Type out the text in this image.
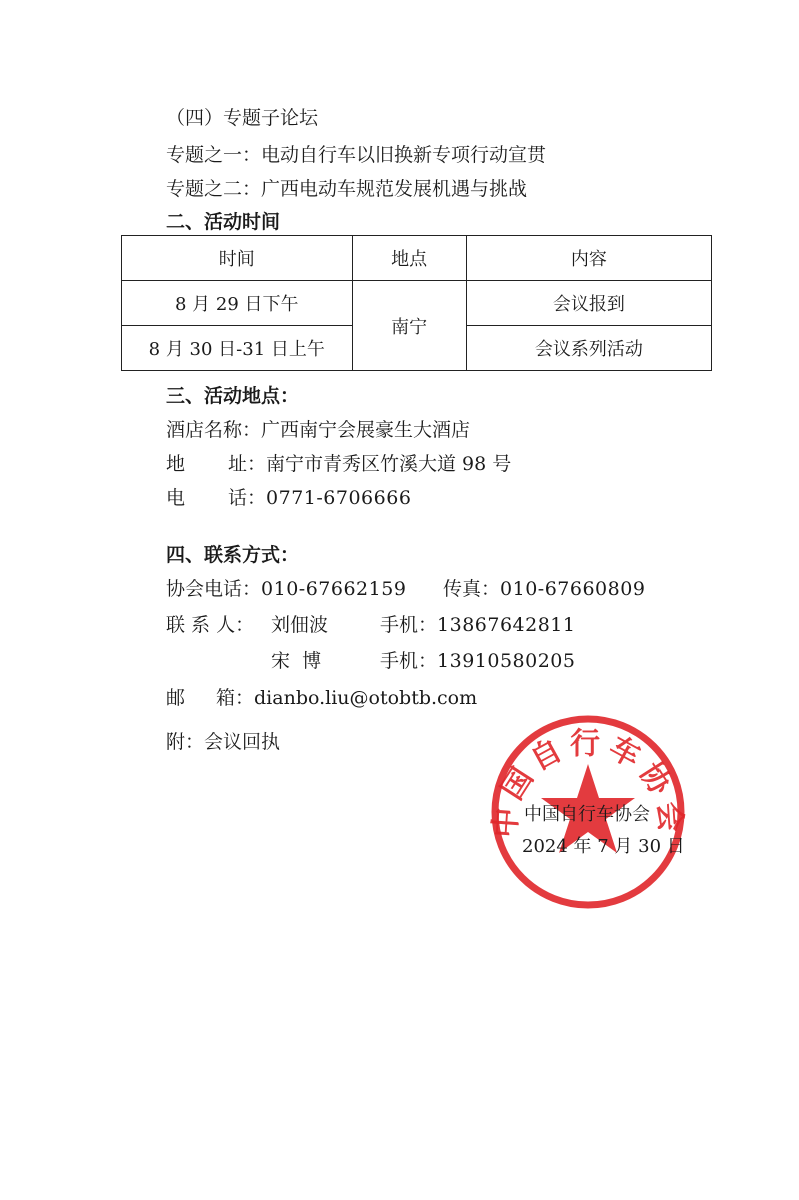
（四）专题子论坛
专题之一：电动自行车以旧换新专项行动宣贯
专题之二：广西电动车规范发展机遇与挑战
二、活动时间
时间	地点	内容
8 月 29 日下午	南宁	会议报到
8 月 30 日-31 日上午		会议系列活动
三、活动地点：
酒店名称：广西南宁会展豪生大酒店
地 址：南宁市青秀区竹溪大道 98 号
电 话：0771-6706666
四、联系方式：
协会电话：010-67662159 传真：010-67660809
联 系 人： 刘佃波	手机：13867642811
宋  博	手机：13910580205
邮 箱：dianbo.liu@otobtb.com
附：会议回执
中国自行车协会
中国自行车协会
2024 年 7 月 30 日
